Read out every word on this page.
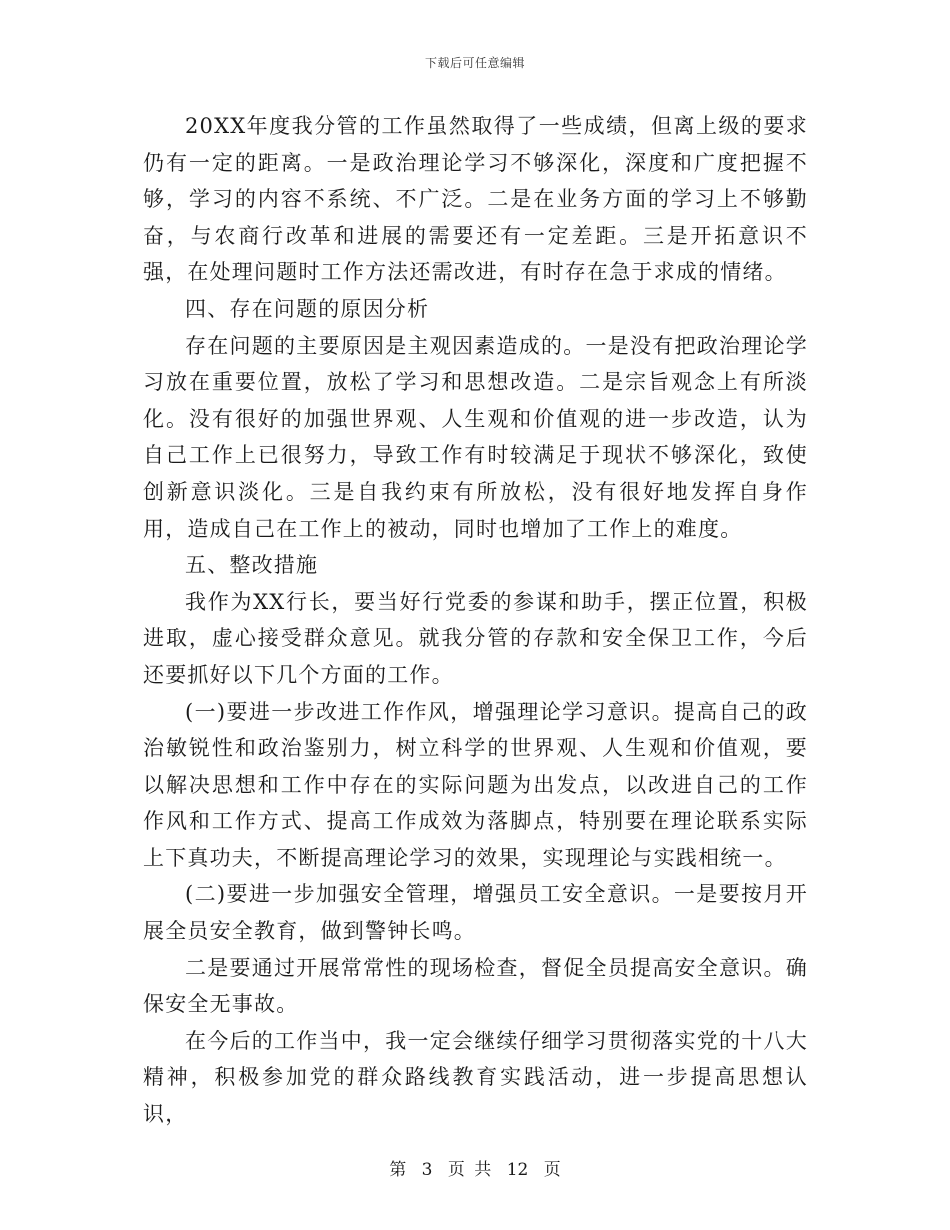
下载后可任意编辑

20XX年度我分管的工作虽然取得了一些成绩，但离上级的要求仍有一定的距离。一是政治理论学习不够深化，深度和广度把握不够，学习的内容不系统、不广泛。二是在业务方面的学习上不够勤奋，与农商行改革和进展的需要还有一定差距。三是开拓意识不强，在处理问题时工作方法还需改进，有时存在急于求成的情绪。

四、存在问题的原因分析

存在问题的主要原因是主观因素造成的。一是没有把政治理论学习放在重要位置，放松了学习和思想改造。二是宗旨观念上有所淡化。没有很好的加强世界观、人生观和价值观的进一步改造，认为自己工作上已很努力，导致工作有时较满足于现状不够深化，致使创新意识淡化。三是自我约束有所放松，没有很好地发挥自身作用，造成自己在工作上的被动，同时也增加了工作上的难度。

五、整改措施

我作为XX行长，要当好行党委的参谋和助手，摆正位置，积极进取，虚心接受群众意见。就我分管的存款和安全保卫工作，今后还要抓好以下几个方面的工作。

(一)要进一步改进工作作风，增强理论学习意识。提高自己的政治敏锐性和政治鉴别力，树立科学的世界观、人生观和价值观，要以解决思想和工作中存在的实际问题为出发点，以改进自己的工作作风和工作方式、提高工作成效为落脚点，特别要在理论联系实际上下真功夫，不断提高理论学习的效果，实现理论与实践相统一。

(二)要进一步加强安全管理，增强员工安全意识。一是要按月开展全员安全教育，做到警钟长鸣。

二是要通过开展常常性的现场检查，督促全员提高安全意识。确保安全无事故。

在今后的工作当中，我一定会继续仔细学习贯彻落实党的十八大精神，积极参加党的群众路线教育实践活动，进一步提高思想认识，

第 3 页 共 12 页
